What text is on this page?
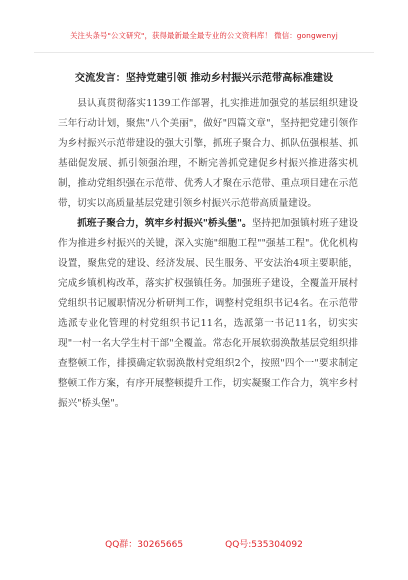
关注头条号"公文研究"，获得最新最全最专业的公文资料库！ 微信：gongwenyj
交流发言：坚持党建引领 推动乡村振兴示范带高标准建设

县认真贯彻落实1139工作部署，扎实推进加强党的基层组织建设三年行动计划，聚焦"八个美丽"，做好"四篇文章"，坚持把党建引领作为乡村振兴示范带建设的强大引擎，抓班子聚合力、抓队伍强根基、抓基础促发展、抓引领强治理，不断完善抓党建促乡村振兴推进落实机制，推动党组织强在示范带、优秀人才聚在示范带、重点项目建在示范带，切实以高质量基层党建引领乡村振兴示范带高质量建设。

抓班子聚合力，筑牢乡村振兴"桥头堡"。坚持把加强镇村班子建设作为推进乡村振兴的关键，深入实施"细胞工程""强基工程"。优化机构设置，聚焦党的建设、经济发展、民生服务、平安法治4项主要职能，完成乡镇机构改革，落实扩权强镇任务。加强班子建设，全覆盖开展村党组织书记履职情况分析研判工作，调整村党组织书记4名。在示范带选派专业化管理的村党组织书记11名，选派第一书记11名，切实实现"一村一名大学生村干部"全覆盖。常态化开展软弱涣散基层党组织排查整顿工作，排摸确定软弱涣散村党组织2个，按照"四个一"要求制定整顿工作方案，有序开展整顿提升工作，切实凝聚工作合力，筑牢乡村振兴"桥头堡"。

QQ群：30265665	QQ号:535304092
